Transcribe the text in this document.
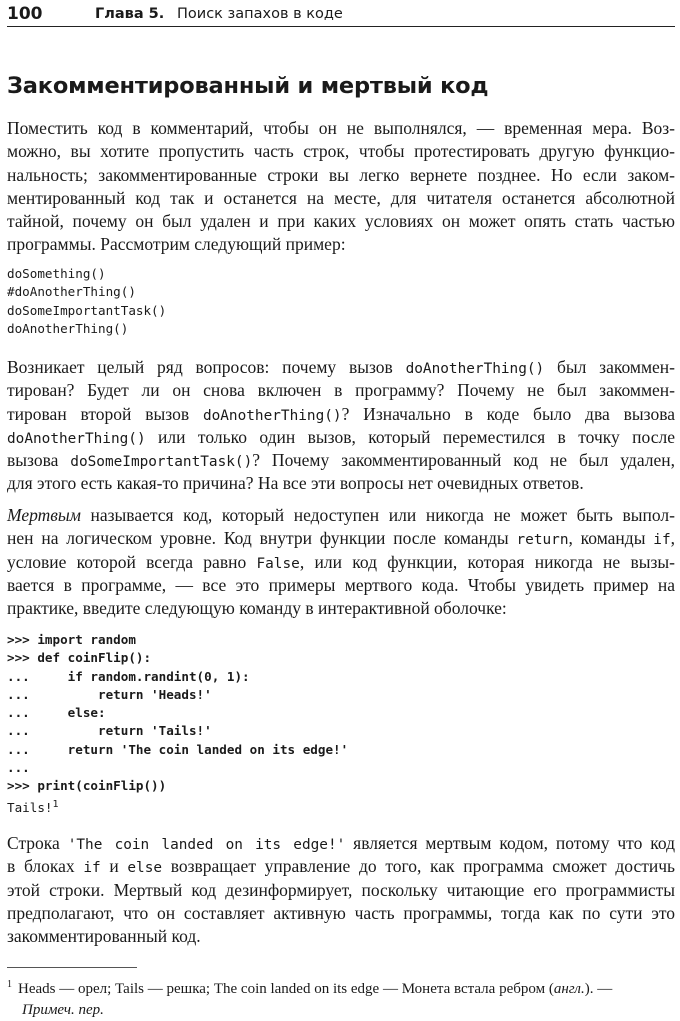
100	Глава 5. Поиск запахов в коде
Закомментированный и мертвый код
Поместить код в комментарий, чтобы он не выполнялся, — временная мера. Воз-
можно, вы хотите пропустить часть строк, чтобы протестировать другую функцио-
нальность; закомментированные строки вы легко вернете позднее. Но если заком-
ментированный код так и останется на месте, для читателя останется абсолютной
тайной, почему он был удален и при каких условиях он может опять стать частью
программы. Рассмотрим следующий пример:
doSomething()
#doAnotherThing()
doSomeImportantTask()
doAnotherThing()
Возникает целый ряд вопросов: почему вызов doAnotherThing() был закоммен-
тирован? Будет ли он снова включен в программу? Почему не был закоммен-
тирован второй вызов doAnotherThing()? Изначально в коде было два вызова
doAnotherThing() или только один вызов, который переместился в точку после
вызова doSomeImportantTask()? Почему закомментированный код не был удален,
для этого есть какая-то причина? На все эти вопросы нет очевидных ответов.
Мертвым называется код, который недоступен или никогда не может быть выпол-
нен на логическом уровне. Код внутри функции после команды return, команды if,
условие которой всегда равно False, или код функции, которая никогда не вызы-
вается в программе, — все это примеры мертвого кода. Чтобы увидеть пример на
практике, введите следующую команду в интерактивной оболочке:
>>> import random
>>> def coinFlip():
...     if random.randint(0, 1):
...         return 'Heads!'
...     else:
...         return 'Tails!'
...     return 'The coin landed on its edge!'
...
>>> print(coinFlip())
Tails!$^1$
Строка 'The coin landed on its edge!' является мертвым кодом, потому что код
в блоках if и else возвращает управление до того, как программа сможет достичь
этой строки. Мертвый код дезинформирует, поскольку читающие его программисты
предполагают, что он составляет активную часть программы, тогда как по сути это
закомментированный код.
$^1$ Heads — орел; Tails — решка; The coin landed on its edge — Монета встала ребром (англ.). —
Примеч. пер.
